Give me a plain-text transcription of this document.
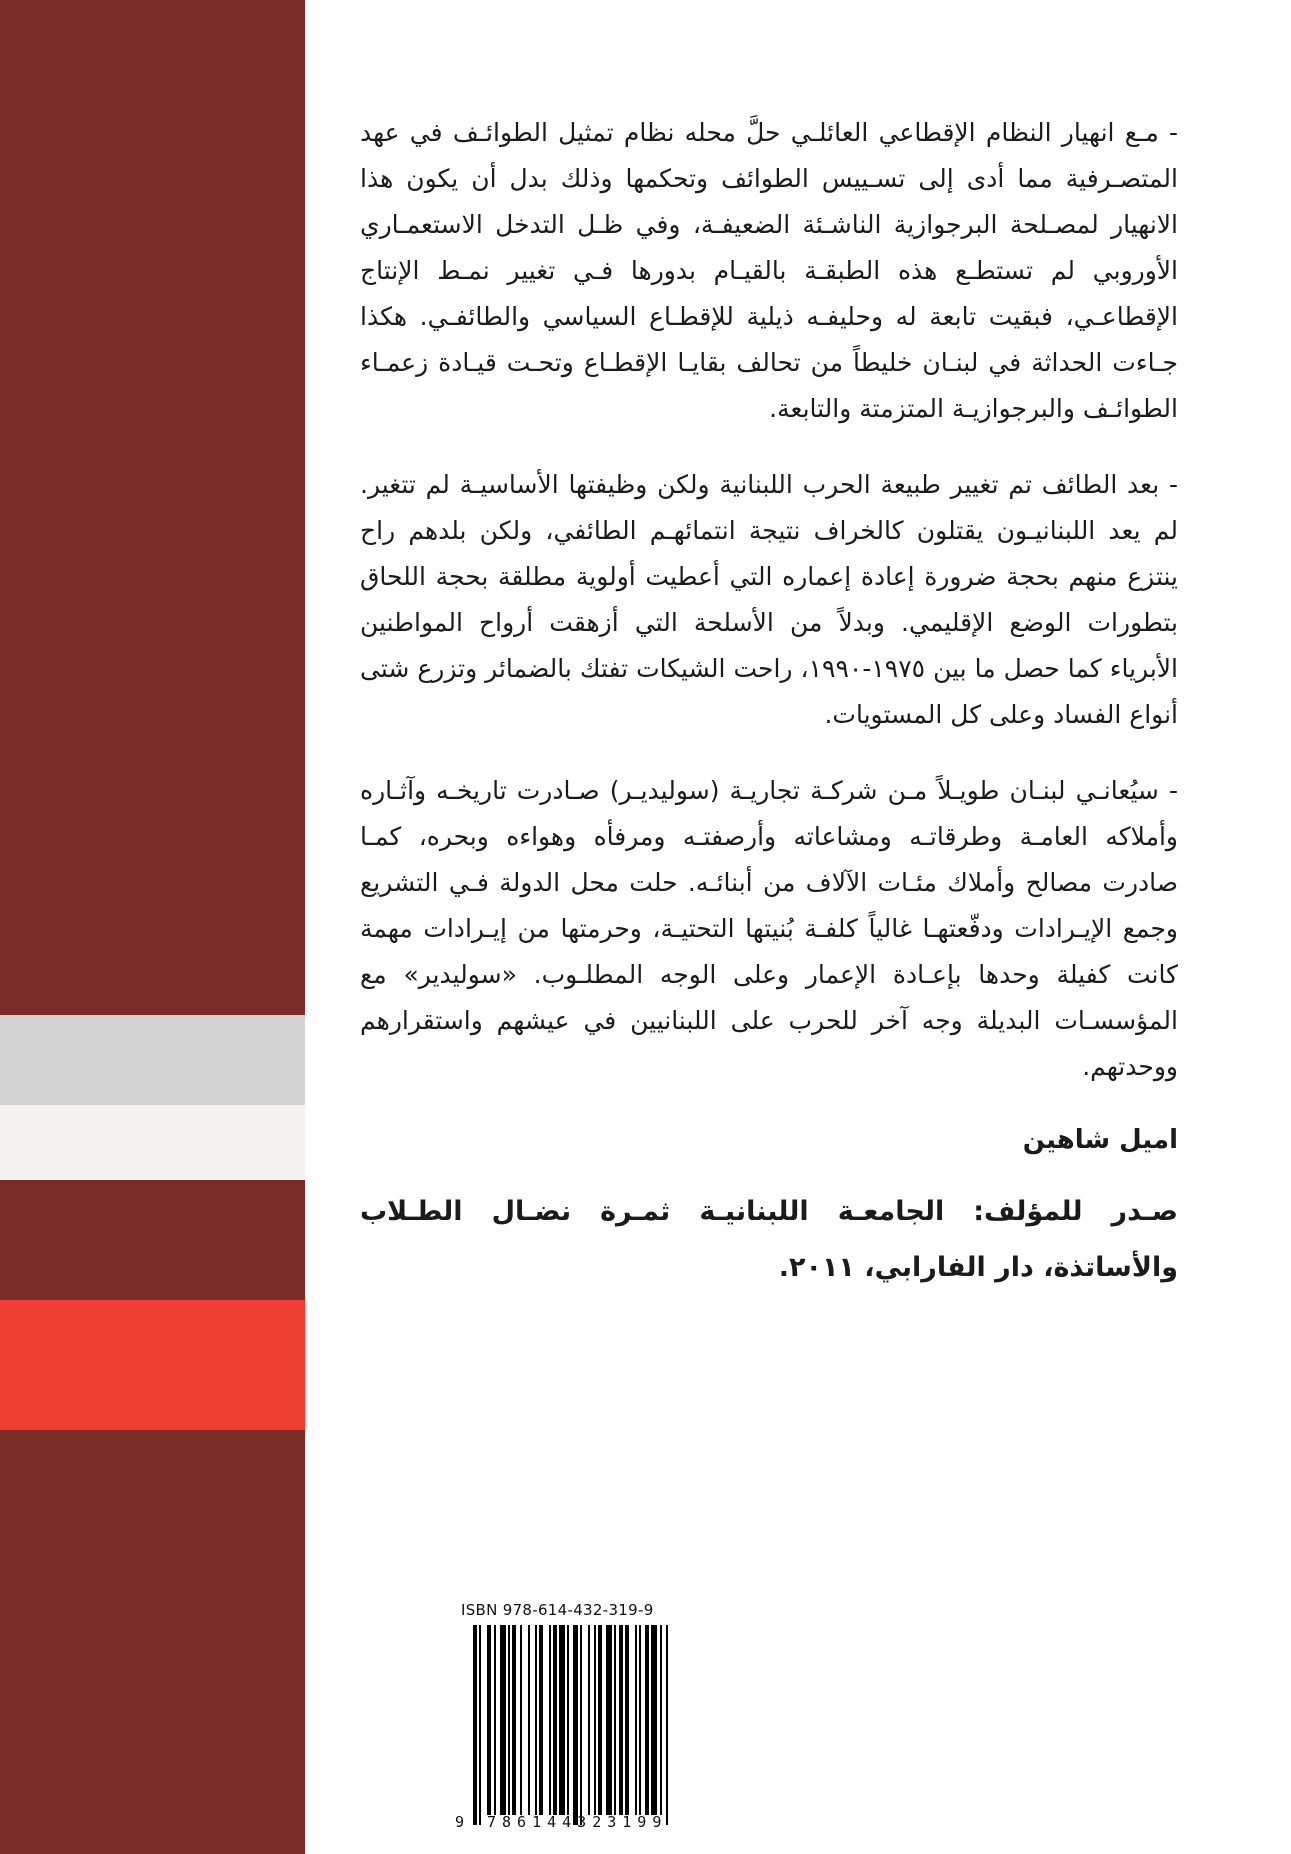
- مـع انهيار النظام الإقطاعي العائلـي حلَّ محله نظام تمثيل الطوائـف في عهد المتصـرفية مما أدى إلى تسـييس الطوائف وتحكمها وذلك بدل أن يكون هذا الانهيار لمصـلحة البرجوازية الناشـئة الضعيفـة، وفي ظـل التدخل الاستعمـاري الأوروبي لم تستطـع هذه الطبقـة بالقيـام بدورها فـي تغيير نمـط الإنتاج الإقطاعـي، فبقيت تابعة له وحليفـه ذيلية للإقطـاع السياسي والطائفـي. هكذا جـاءت الحداثة في لبنـان خليطاً من تحالف بقايـا الإقطـاع وتحـت قيـادة زعمـاء الطوائـف والبرجوازيـة المتزمتة والتابعة.

- بعد الطائف تم تغيير طبيعة الحرب اللبنانية ولكن وظيفتها الأساسيـة لم تتغير. لم يعد اللبنانيـون يقتلون كالخراف نتيجة انتمائهـم الطائفي، ولكن بلدهم راح ينتزع منهم بحجة ضرورة إعادة إعماره التي أعطيت أولوية مطلقة بحجة اللحاق بتطورات الوضع الإقليمي. وبدلاً من الأسلحة التي أزهقت أرواح المواطنين الأبرياء كما حصل ما بين ١٩٧٥-١٩٩٠، راحت الشيكات تفتك بالضمائر وتزرع شتى أنواع الفساد وعلى كل المستويات.

- سيُعانـي لبنـان طويـلاً مـن شركـة تجاريـة (سوليديـر) صـادرت تاريخـه وآثـاره وأملاكه العامـة وطرقاتـه ومشاعاته وأرصفتـه ومرفأه وهواءه وبحره، كمـا صادرت مصالح وأملاك مئـات الآلاف من أبنائـه. حلت محل الدولة فـي التشريع وجمع الإيـرادات ودفّعتهـا غالياً كلفـة بُنيتها التحتيـة، وحرمتها من إيـرادات مهمة كانت كفيلة وحدها بإعـادة الإعمار وعلى الوجه المطلـوب. «سوليدير» مع المؤسسـات البديلة وجه آخر للحرب على اللبنانيين في عيشهم واستقرارهم ووحدتهم.

اميل شاهين

صـدر للمؤلف: الجامعـة اللبنانيـة ثمـرة نضـال الطـلاب والأساتذة، دار الفارابي، ٢٠١١.

ISBN 978-614-432-319-9
9 786144323199
